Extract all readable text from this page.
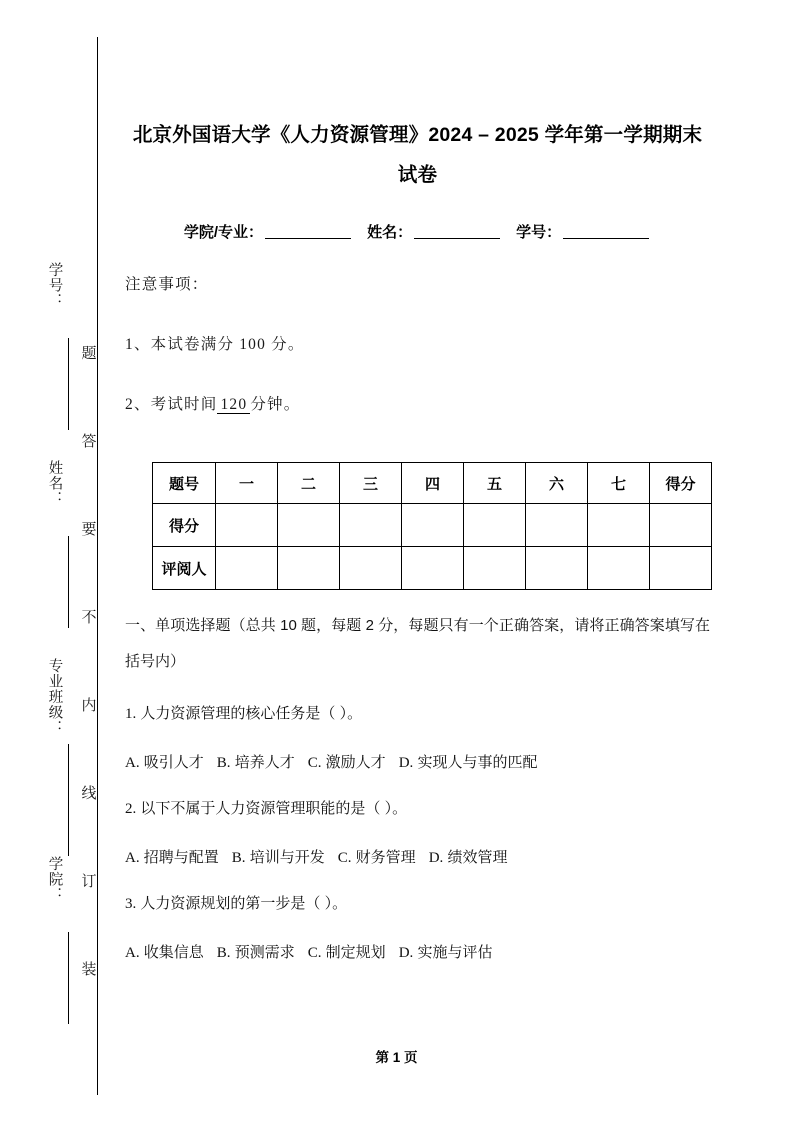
题
答
要
不
内
线
订
装
学号：
姓名：
专业班级：
学院：
北京外国语大学《人力资源管理》2024 – 2025 学年第一学期期末试卷
学院/专业：	姓名：	学号：
注意事项：
1、本试卷满分 100 分。
2、考试时间 120 分钟。
题号	一	二	三	四	五	六	七	得分
得分								
评阅人								
一、单项选择题（总共 10 题，每题 2 分，每题只有一个正确答案，请将正确答案填写在括号内）
1. 人力资源管理的核心任务是（ ）。
A. 吸引人才 B. 培养人才 C. 激励人才 D. 实现人与事的匹配
2. 以下不属于人力资源管理职能的是（ ）。
A. 招聘与配置 B. 培训与开发 C. 财务管理 D. 绩效管理
3. 人力资源规划的第一步是（ ）。
A. 收集信息 B. 预测需求 C. 制定规划 D. 实施与评估
第 1 页
